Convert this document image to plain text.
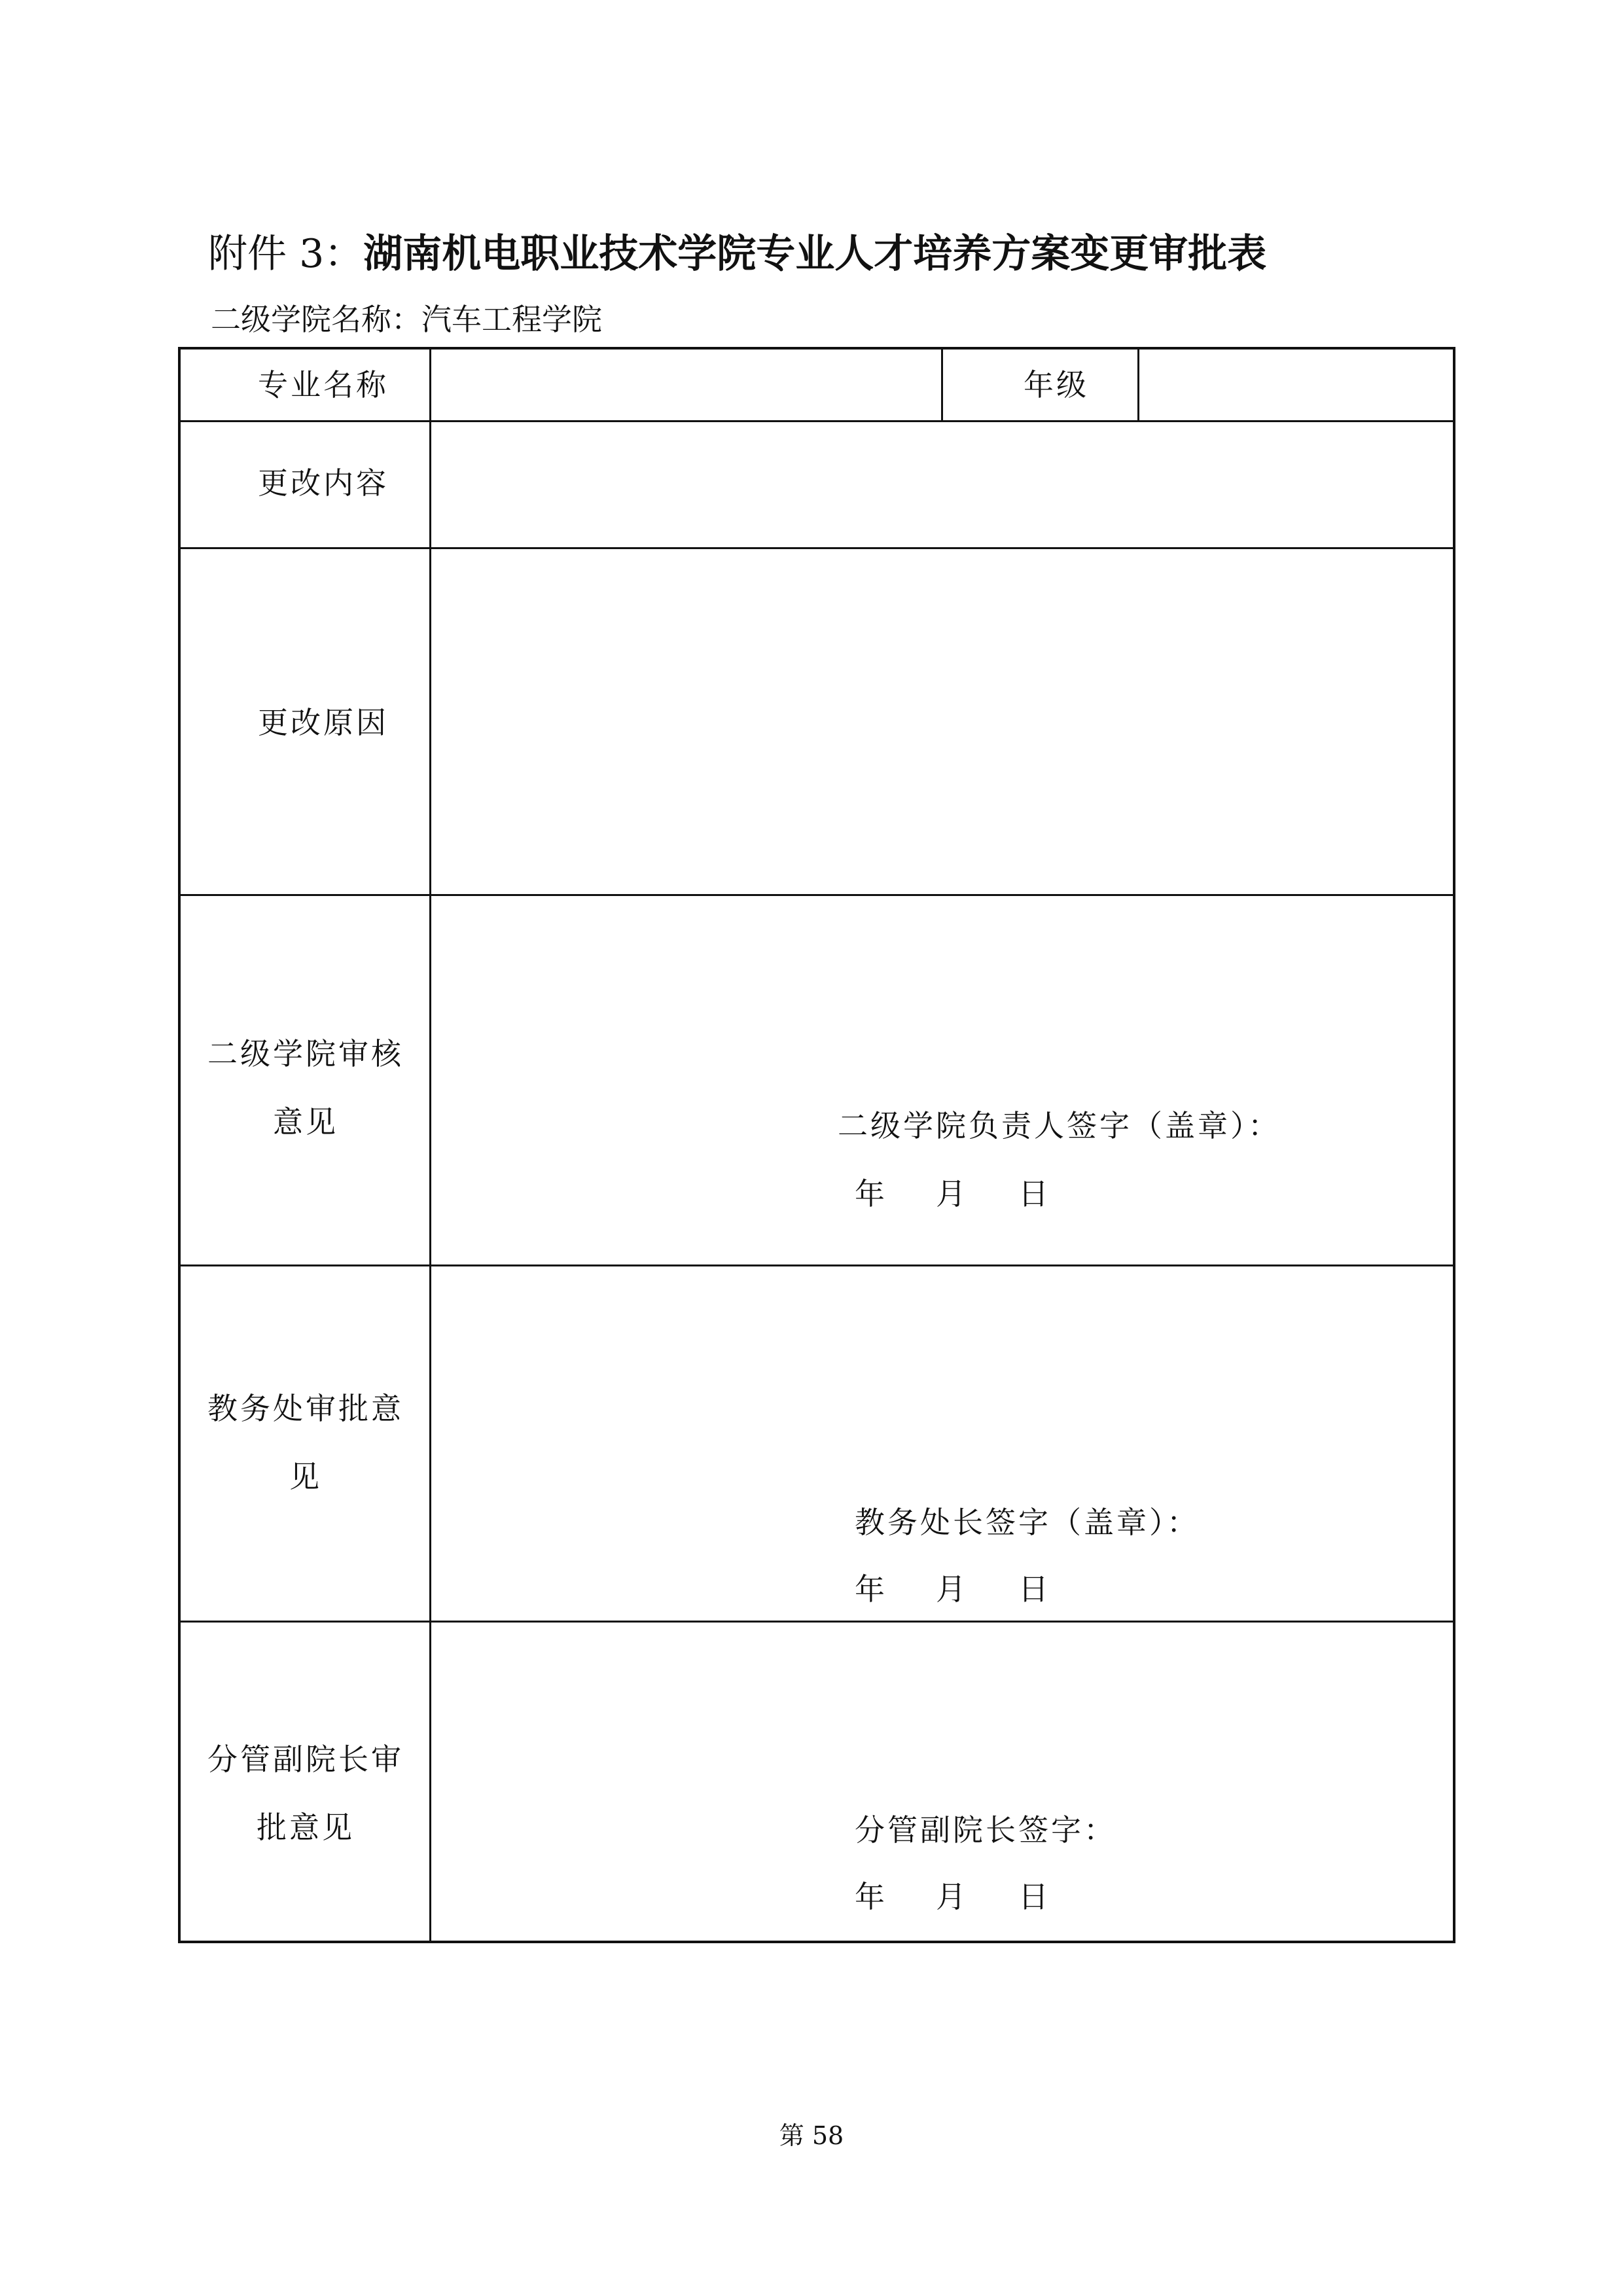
附件 3：湖南机电职业技术学院专业人才培养方案变更审批表
二级学院名称：汽车工程学院
专业名称	年级
更改内容
更改原因
二级学院审核
意见	二级学院负责人签字（盖章）：
年 月 日
教务处审批意
见
教务处长签字（盖章）：
年 月 日
分管副院长审
批意见	分管副院长签字：
年 月 日
第 58
